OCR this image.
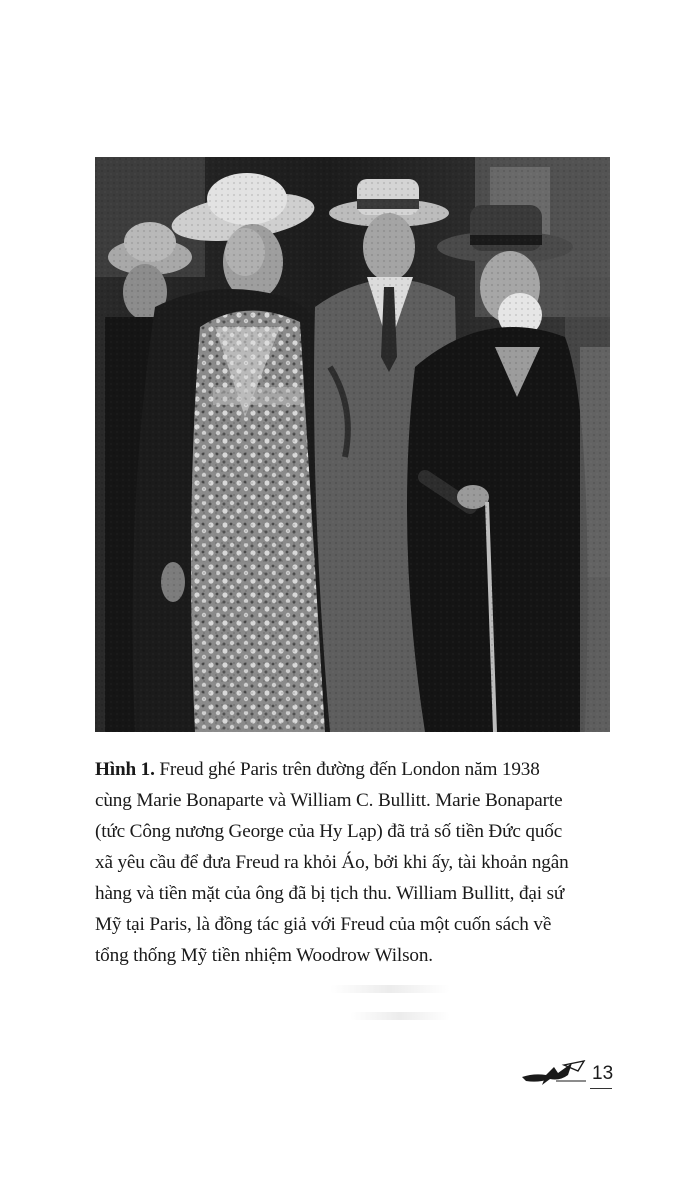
Hình 1. Freud ghé Paris trên đường đến London năm 1938
cùng Marie Bonaparte và William C. Bullitt. Marie Bonaparte
(tức Công nương George của Hy Lạp) đã trả số tiền Đức quốc
xã yêu cầu để đưa Freud ra khỏi Áo, bởi khi ấy, tài khoản ngân
hàng và tiền mặt của ông đã bị tịch thu. William Bullitt, đại sứ
Mỹ tại Paris, là đồng tác giả với Freud của một cuốn sách về
tổng thống Mỹ tiền nhiệm Woodrow Wilson.

13
